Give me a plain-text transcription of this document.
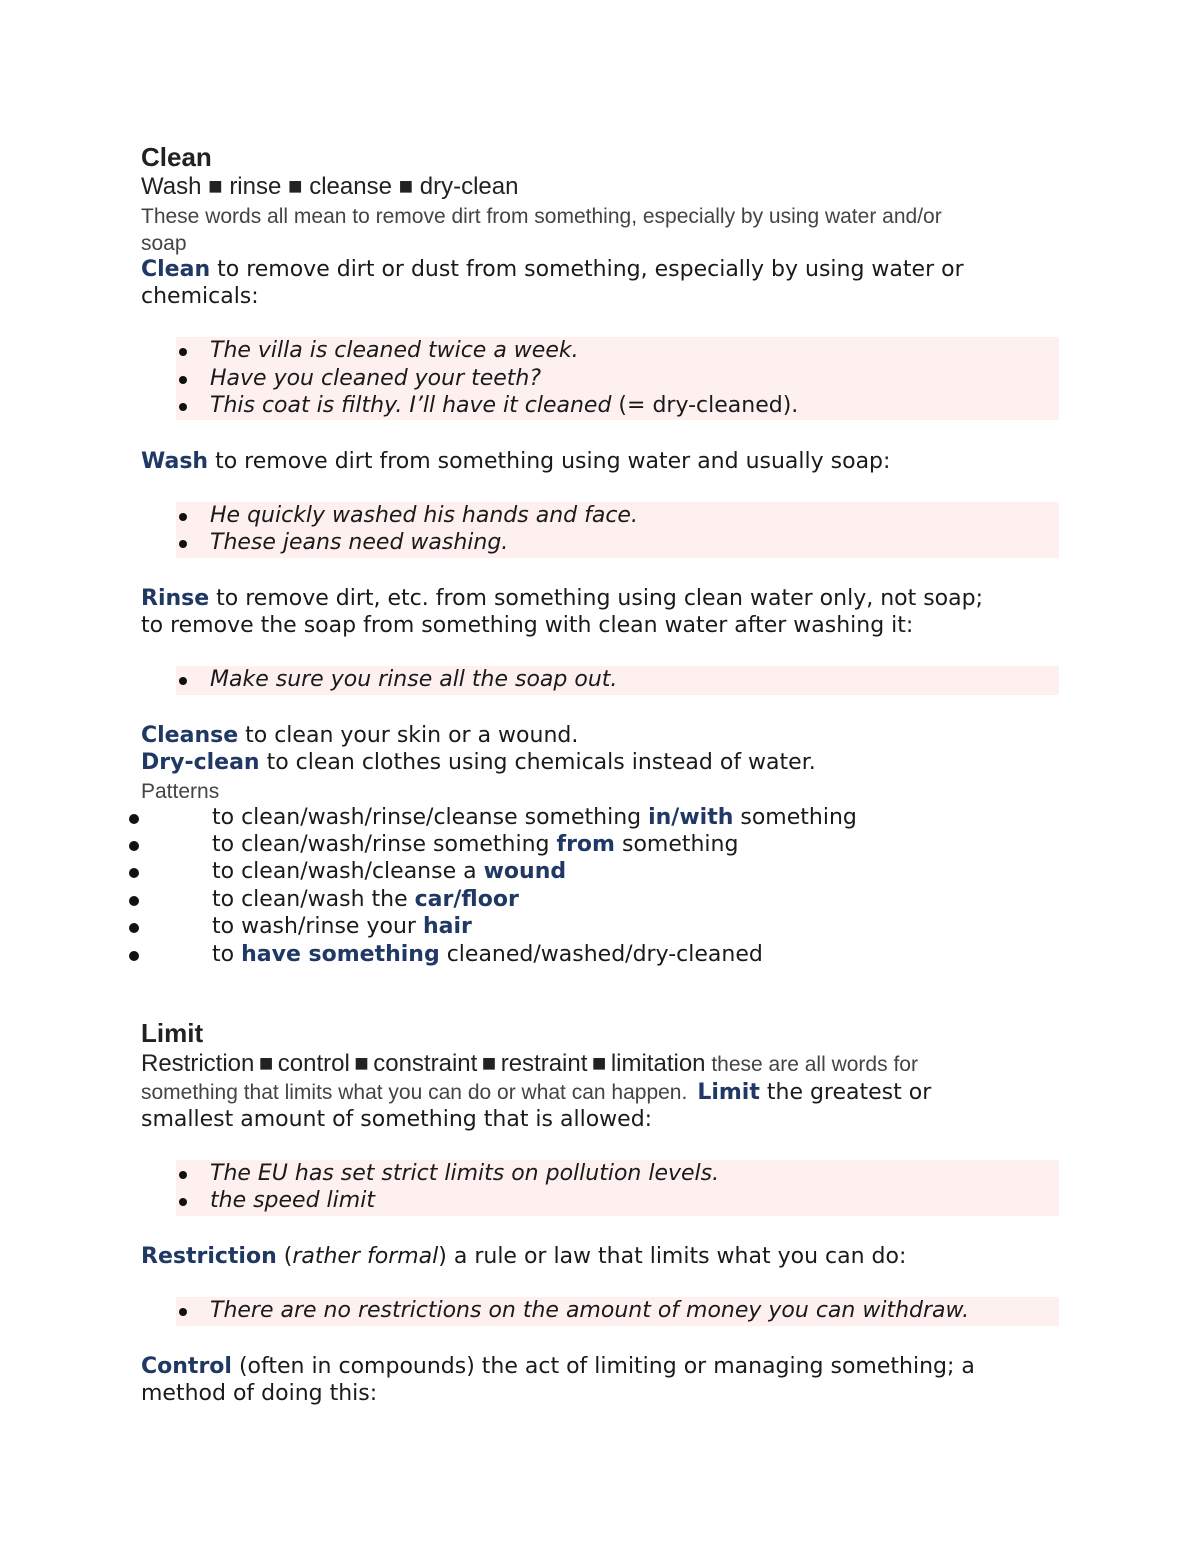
Clean
Wash ■ rinse ■ cleanse ■ dry-clean
These words all mean to remove dirt from something, especially by using water and/or
soap
Clean to remove dirt or dust from something, especially by using water or
chemicals:
The villa is cleaned twice a week.
Have you cleaned your teeth?
This coat is filthy. I’ll have it cleaned (= dry-cleaned).
Wash to remove dirt from something using water and usually soap:
He quickly washed his hands and face.
These jeans need washing.
Rinse to remove dirt, etc. from something using clean water only, not soap;
to remove the soap from something with clean water after washing it:
Make sure you rinse all the soap out.
Cleanse to clean your skin or a wound.
Dry-clean to clean clothes using chemicals instead of water.
Patterns
to clean/wash/rinse/cleanse something in/with something
to clean/wash/rinse something from something
to clean/wash/cleanse a wound
to clean/wash the car/floor
to wash/rinse your hair
to have something cleaned/washed/dry-cleaned
Limit
Restriction ■ control ■ constraint ■ restraint ■ limitation these are all words for
something that limits what you can do or what can happen. Limit the greatest or
smallest amount of something that is allowed:
The EU has set strict limits on pollution levels.
the speed limit
Restriction (rather formal) a rule or law that limits what you can do:
There are no restrictions on the amount of money you can withdraw.
Control (often in compounds) the act of limiting or managing something; a
method of doing this:
